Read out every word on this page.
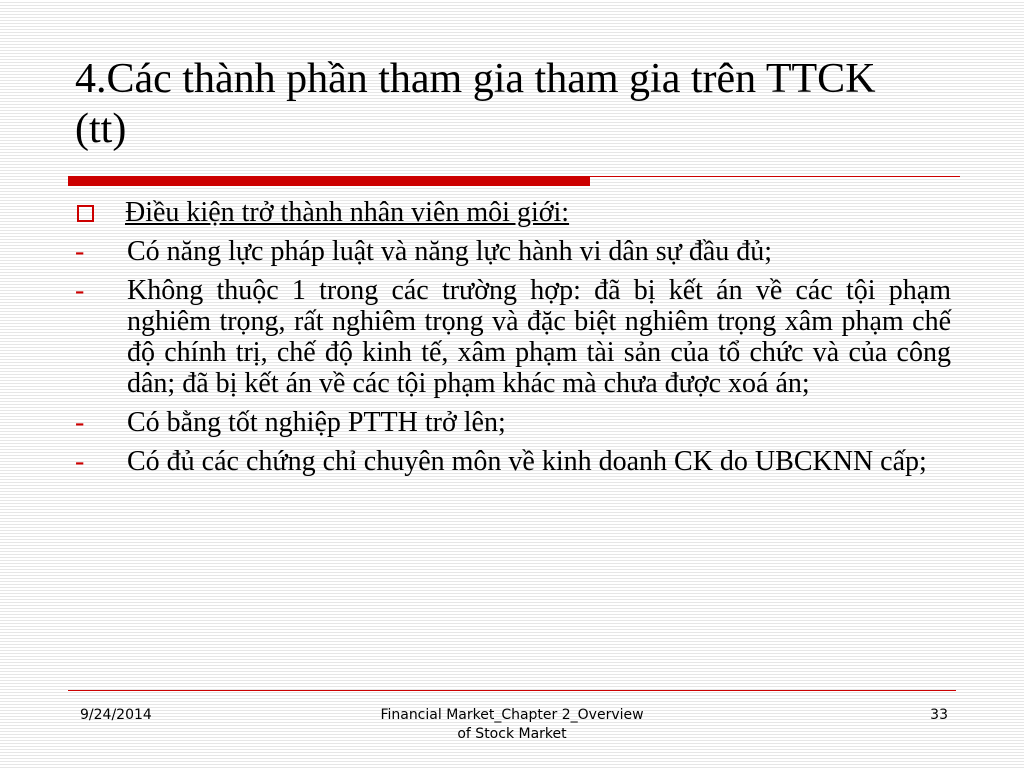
4.Các thành phần tham gia tham gia trên TTCK (tt)
Điều kiện trở thành nhân viên môi giới:
-	Có năng lực pháp luật và năng lực hành vi dân sự đầu đủ;
-	Không thuộc 1 trong các trường hợp: đã bị kết án về các tội phạm nghiêm trọng, rất nghiêm trọng và đặc biệt nghiêm trọng xâm phạm chế độ chính trị, chế độ kinh tế, xâm phạm tài sản của tổ chức và của công dân; đã bị kết án về các tội phạm khác mà chưa được xoá án;
-	Có bằng tốt nghiệp PTTH trở lên;
-	Có đủ các chứng chỉ chuyên môn về kinh doanh CK do UBCKNN cấp;
9/24/2014	Financial Market_Chapter 2_Overview of Stock Market
33
